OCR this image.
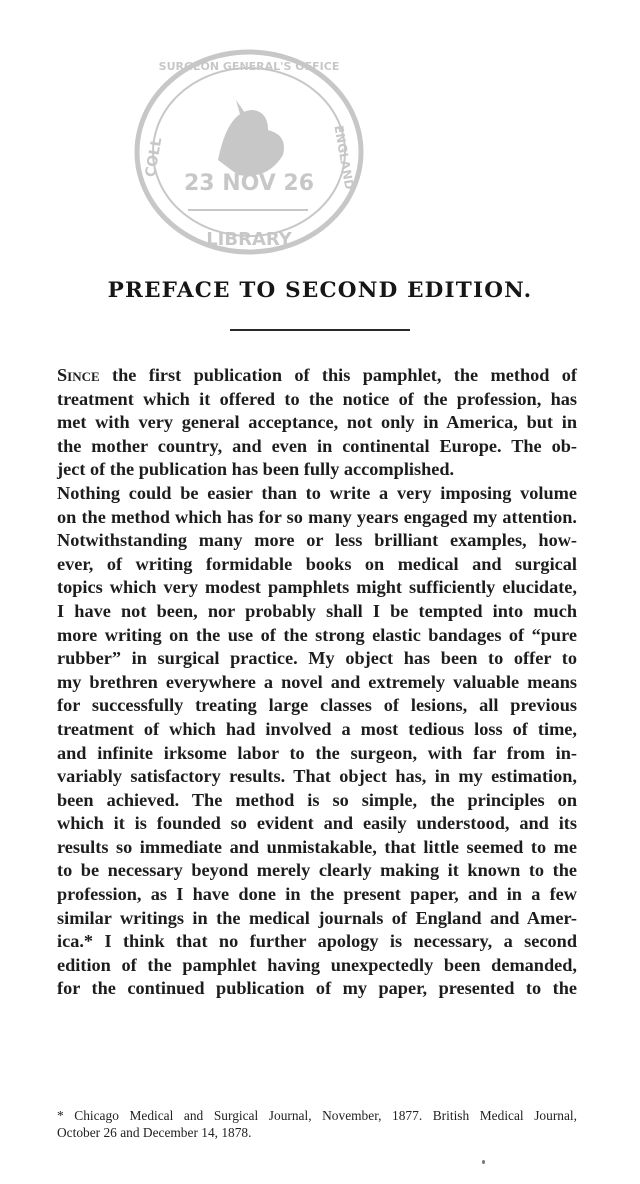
23 NOV 26
SURGEON GENERAL'S OFFICE
COLL	ENGLAND
LIBRARY
PREFACE TO SECOND EDITION.
Since the first publication of this pamphlet, the method of
treatment which it offered to the notice of the profession, has
met with very general acceptance, not only in America, but in
the mother country, and even in continental Europe. The ob-
ject of the publication has been fully accomplished.
Nothing could be easier than to write a very imposing volume
on the method which has for so many years engaged my attention.
Notwithstanding many more or less brilliant examples, how-
ever, of writing formidable books on medical and surgical
topics which very modest pamphlets might sufficiently elucidate,
I have not been, nor probably shall I be tempted into much
more writing on the use of the strong elastic bandages of “pure
rubber” in surgical practice. My object has been to offer to
my brethren everywhere a novel and extremely valuable means
for successfully treating large classes of lesions, all previous
treatment of which had involved a most tedious loss of time,
and infinite irksome labor to the surgeon, with far from in-
variably satisfactory results. That object has, in my estimation,
been achieved. The method is so simple, the principles on
which it is founded so evident and easily understood, and its
results so immediate and unmistakable, that little seemed to me
to be necessary beyond merely clearly making it known to the
profession, as I have done in the present paper, and in a few
similar writings in the medical journals of England and Amer-
ica.* I think that no further apology is necessary, a second
edition of the pamphlet having unexpectedly been demanded,
for the continued publication of my paper, presented to the
* Chicago Medical and Surgical Journal, November, 1877. British Medical Journal,
October 26 and December 14, 1878.
